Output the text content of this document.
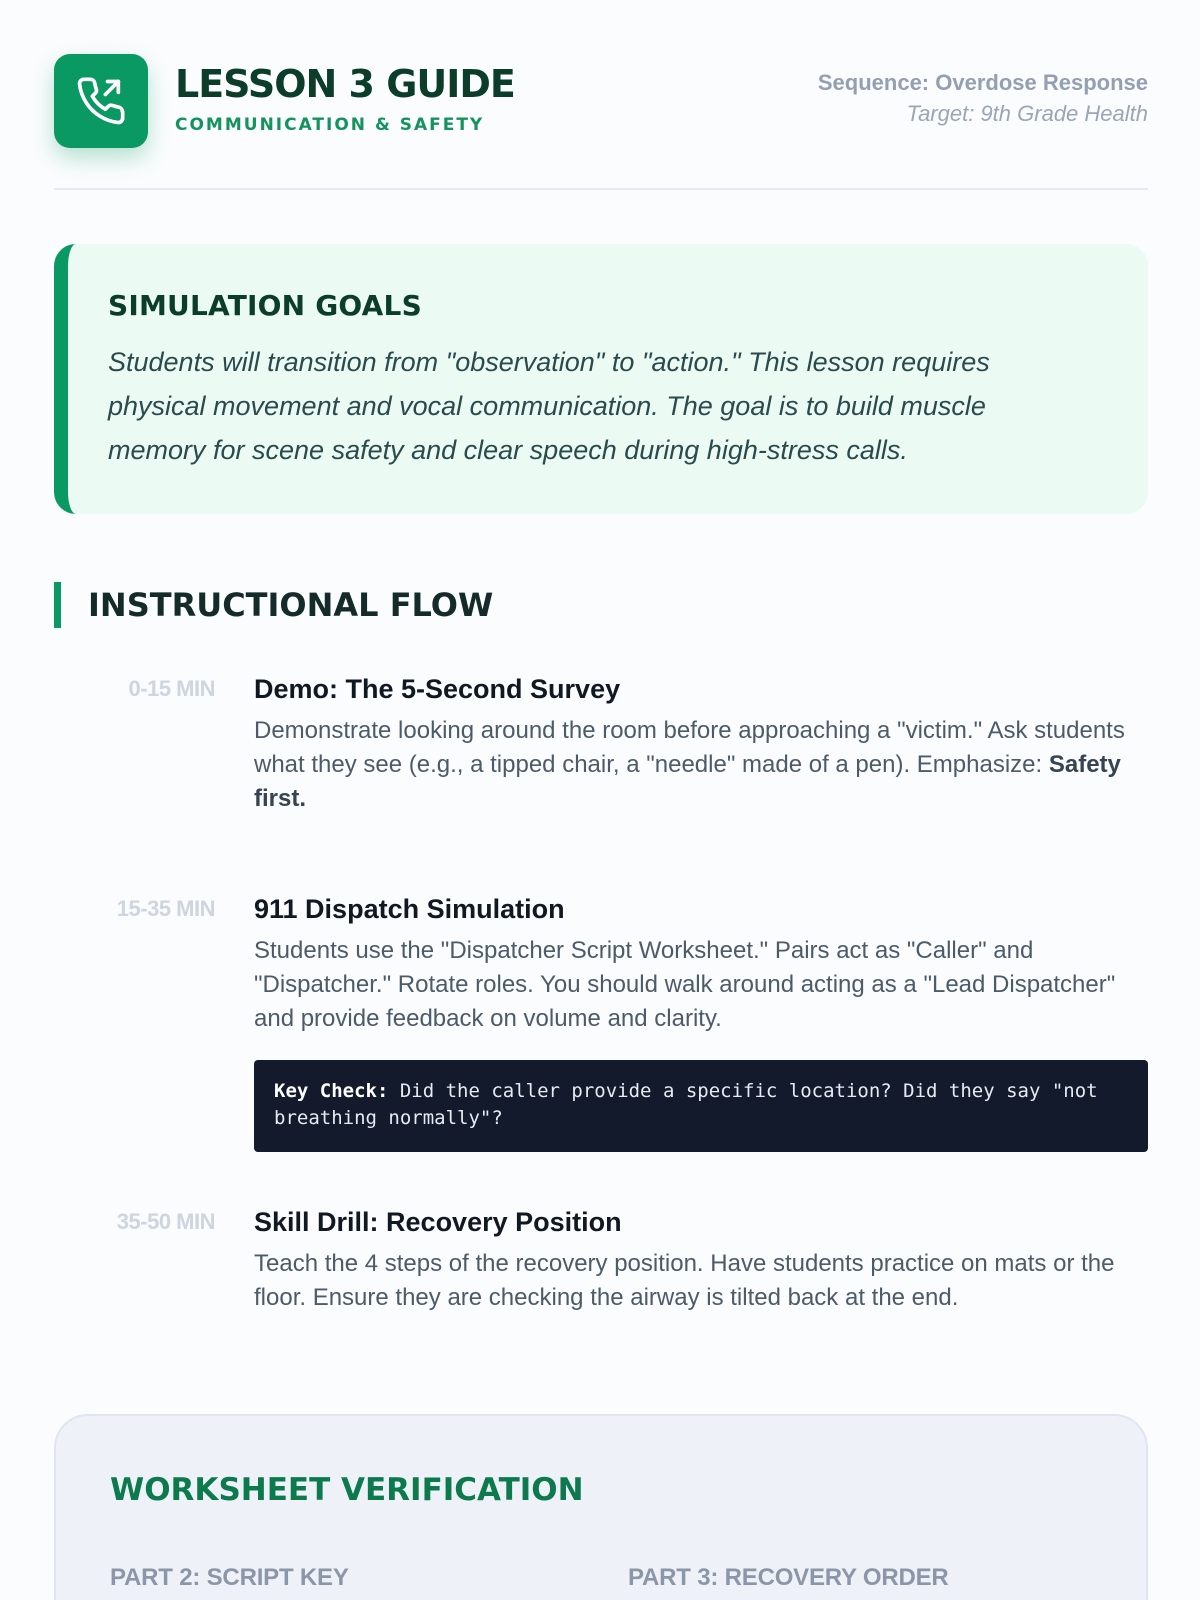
LESSON 3 GUIDE
COMMUNICATION & SAFETY
Sequence: Overdose Response
Target: 9th Grade Health
SIMULATION GOALS
Students will transition from "observation" to "action." This lesson requires physical movement and vocal communication. The goal is to build muscle memory for scene safety and clear speech during high-stress calls.
INSTRUCTIONAL FLOW
0-15 MIN Demo: The 5-Second Survey
Demonstrate looking around the room before approaching a "victim." Ask students what they see (e.g., a tipped chair, a "needle" made of a pen). Emphasize: Safety first.
15-35 MIN 911 Dispatch Simulation
Students use the "Dispatcher Script Worksheet." Pairs act as "Caller" and "Dispatcher." Rotate roles. You should walk around acting as a "Lead Dispatcher" and provide feedback on volume and clarity.
Key Check: Did the caller provide a specific location? Did they say "not breathing normally"?
35-50 MIN Skill Drill: Recovery Position
Teach the 4 steps of the recovery position. Have students practice on mats or the floor. Ensure they are checking the airway is tilted back at the end.
WORKSHEET VERIFICATION
PART 2: SCRIPT KEY	PART 3: RECOVERY ORDER
